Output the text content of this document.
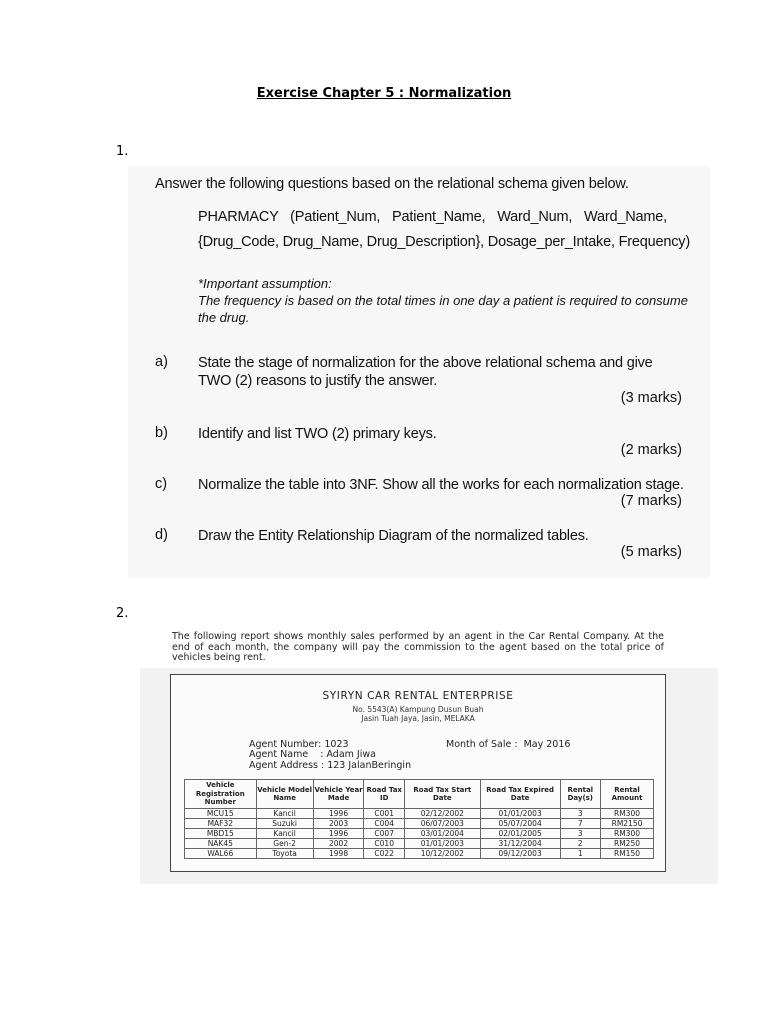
Exercise Chapter 5 : Normalization
1.
Answer the following questions based on the relational schema given below.
PHARMACY (Patient_Num, Patient_Name, Ward_Num, Ward_Name,
{Drug_Code, Drug_Name, Drug_Description}, Dosage_per_Intake, Frequency)
*Important assumption:
The frequency is based on the total times in one day a patient is required to consume the drug.
a) State the stage of normalization for the above relational schema and give TWO (2) reasons to justify the answer.
(3 marks)
b) Identify and list TWO (2) primary keys.
(2 marks)
c) Normalize the table into 3NF. Show all the works for each normalization stage.
(7 marks)
d) Draw the Entity Relationship Diagram of the normalized tables.
(5 marks)
2.
The following report shows monthly sales performed by an agent in the Car Rental Company. At the end of each month, the company will pay the commission to the agent based on the total price of vehicles being rent.
SYIRYN CAR RENTAL ENTERPRISE
No. 5543(A) Kampung Dusun Buah
Jasin Tuah Jaya, Jasin, MELAKA
Agent Number: 1023
Agent Name    : Adam Jiwa
Agent Address : 123 JalanBeringin
Month of Sale :  May 2016
Vehicle Registration Number	Vehicle Model Name	Vehicle Year Made	Road Tax ID	Road Tax Start Date	Road Tax Expired Date	Rental Day(s)	Rental Amount
MCU15	Kancil	1996	C001	02/12/2002	01/01/2003	3	RM300
MAF32	Suzuki	2003	C004	06/07/2003	05/07/2004	7	RM2150
MBD15	Kancil	1996	C007	03/01/2004	02/01/2005	3	RM300
NAK45	Gen-2	2002	C010	01/01/2003	31/12/2004	2	RM250
WAL66	Toyota	1998	C022	10/12/2002	09/12/2003	1	RM150
